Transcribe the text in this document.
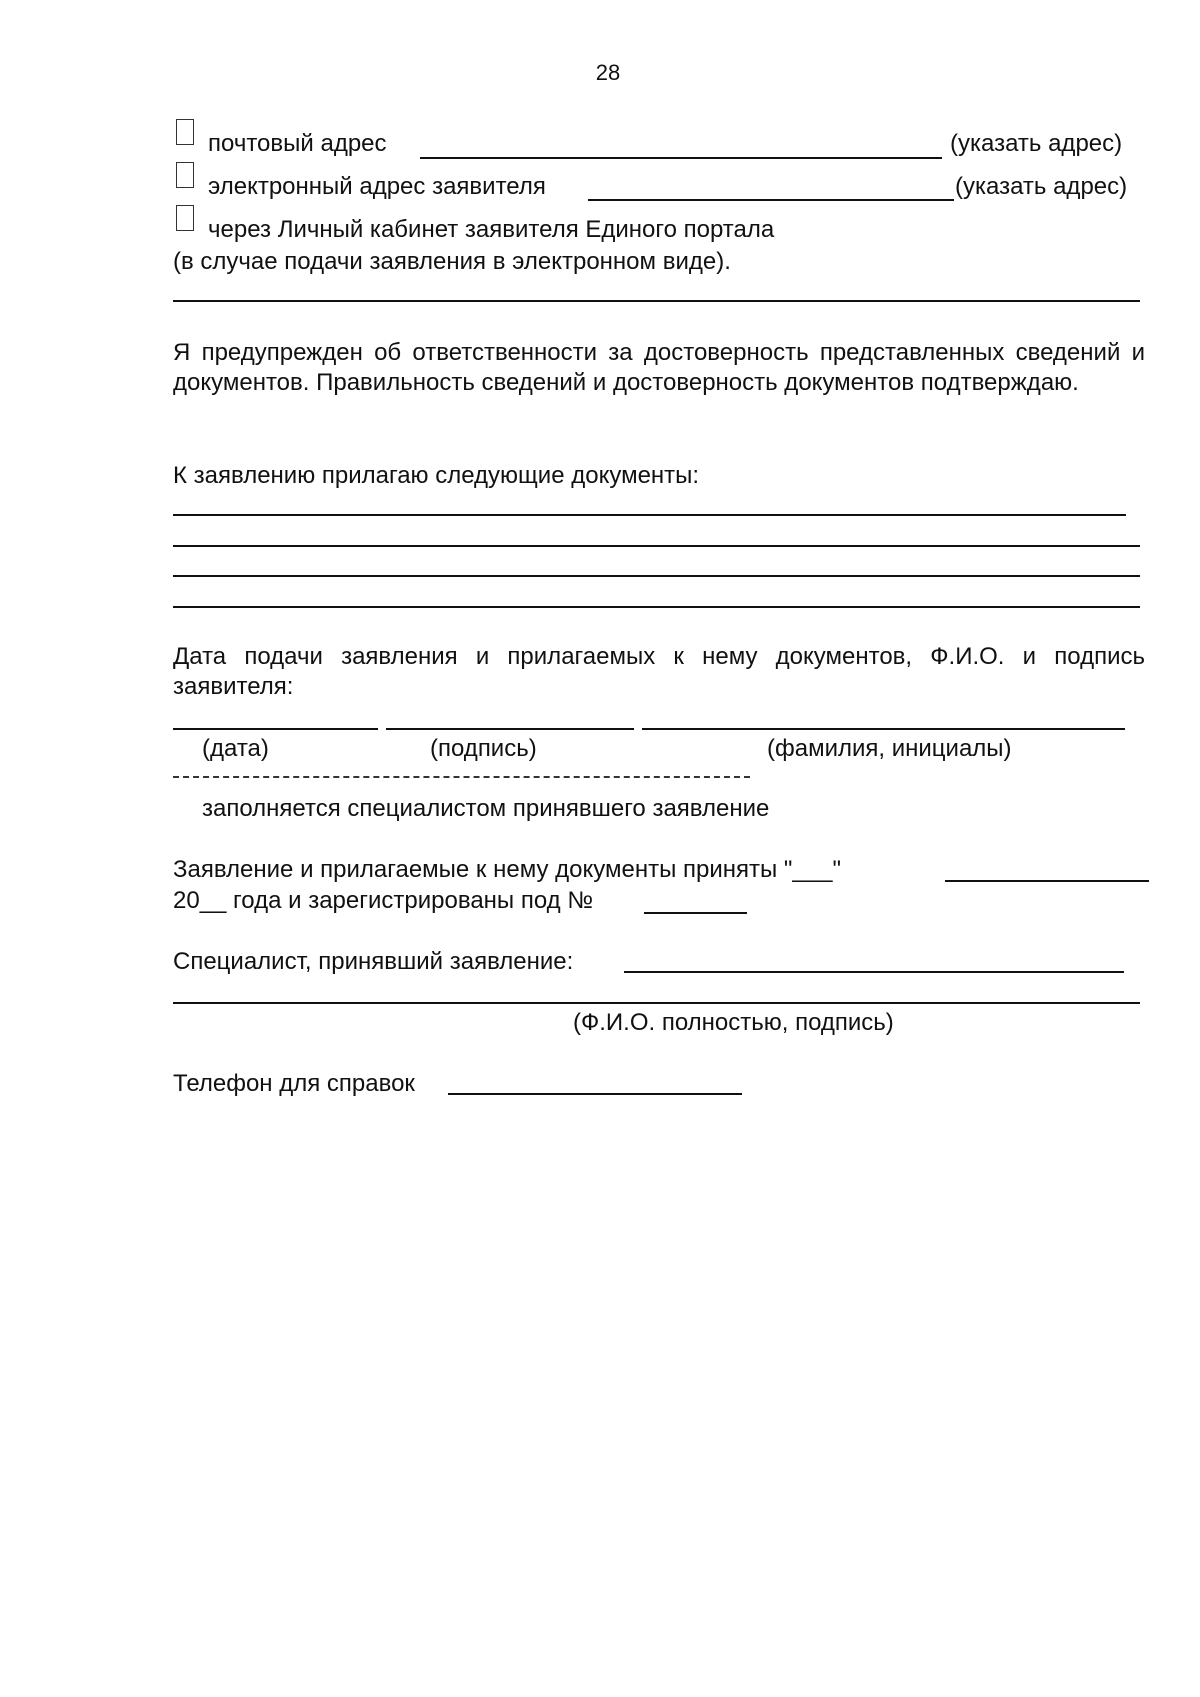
28
почтовый адрес	(указать адрес)
электронный адрес заявителя	(указать адрес)
через Личный кабинет заявителя Единого портала
(в случае подачи заявления в электронном виде).
Я предупрежден об ответственности за достоверность представленных сведений и документов. Правильность сведений и достоверность документов подтверждаю.
К заявлению прилагаю следующие документы:
Дата подачи заявления и прилагаемых к нему документов, Ф.И.О. и подпись заявителя:
(дата)	(подпись)	(фамилия, инициалы)
заполняется специалистом принявшего заявление
Заявление и прилагаемые к нему документы приняты "___"
20__ года и зарегистрированы под №
Специалист, принявший заявление:
(Ф.И.О. полностью, подпись)
Телефон для справок
